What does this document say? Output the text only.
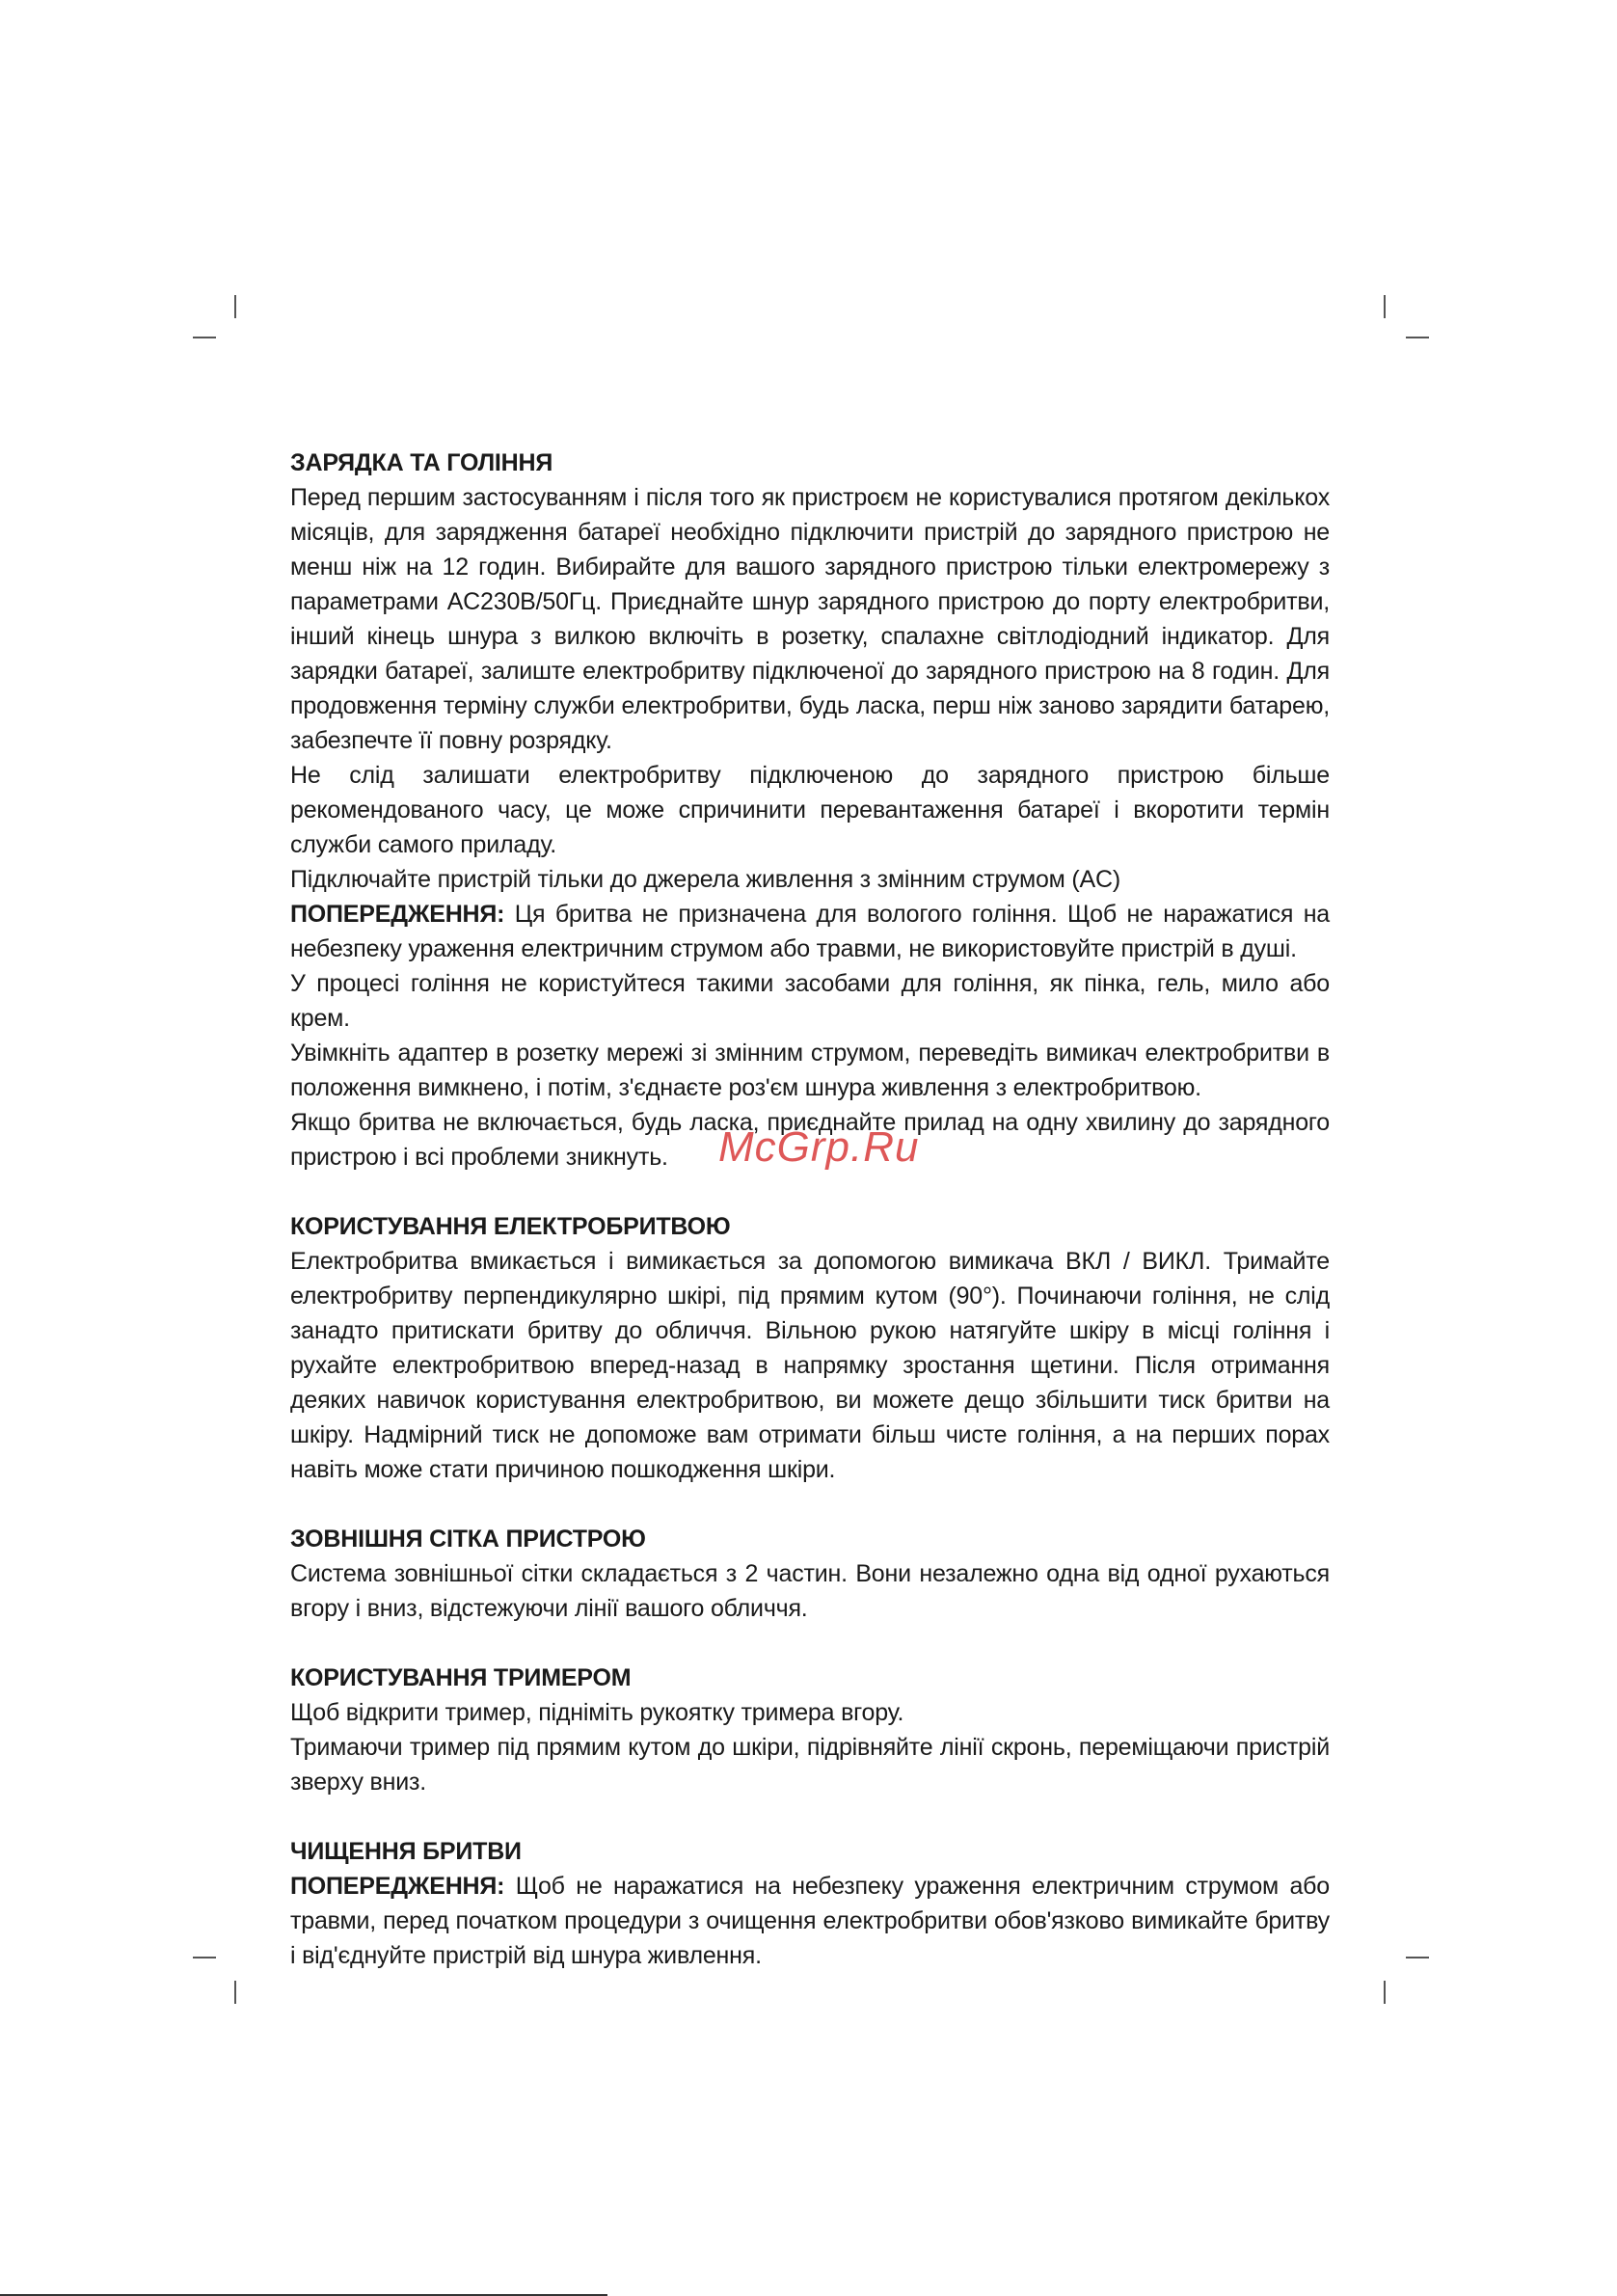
ЗАРЯДКА ТА ГОЛІННЯ

Перед першим застосуванням і після того як пристроєм не користувалися протягом декількох місяців, для зарядження батареї необхідно підключити пристрій до зарядного пристрою не менш ніж на 12 годин. Вибирайте для вашого зарядного пристрою тільки електромережу з параметрами AC230B/50Гц. Приєднайте шнур зарядного пристрою до порту електробритви, інший кінець шнура з вилкою включіть в розетку, спалахне світлодіодний індикатор. Для зарядки батареї, залиште електробритву підключеної до зарядного пристрою на 8 годин. Для продовження терміну служби електробритви, будь ласка, перш ніж заново зарядити батарею, забезпечте її повну розрядку.

Не слід залишати електробритву підключеною до зарядного пристрою більше рекомендованого часу, це може спричинити перевантаження батареї і вкоротити термін служби самого приладу.

Підключайте пристрій тільки до джерела живлення з змінним струмом (AC)

ПОПЕРЕДЖЕННЯ: Ця бритва не призначена для вологого гоління. Щоб не наражатися на небезпеку ураження електричним струмом або травми, не використовуйте пристрій в душі.

У процесі гоління не користуйтеся такими засобами для гоління, як пінка, гель, мило або крем.

Увімкніть адаптер в розетку мережі зі змінним струмом, переведіть вимикач електробритви в положення вимкнено, і потім, з'єднаєте роз'єм шнура живлення з електробритвою.

Якщо бритва не включається, будь ласка, приєднайте прилад на одну хвилину до зарядного пристрою і всі проблеми зникнуть.

КОРИСТУВАННЯ ЕЛЕКТРОБРИТВОЮ

Електробритва вмикається і вимикається за допомогою вимикача ВКЛ / ВИКЛ. Тримайте електробритву перпендикулярно шкірі, під прямим кутом (90°). Починаючи гоління, не слід занадто притискати бритву до обличчя. Вільною рукою натягуйте шкіру в місці гоління і рухайте електробритвою вперед-назад в напрямку зростання щетини. Після отримання деяких навичок користування електробритвою, ви можете дещо збільшити тиск бритви на шкіру. Надмірний тиск не допоможе вам отримати більш чисте гоління, а на перших порах навіть може стати причиною пошкодження шкіри.

ЗОВНІШНЯ СІТКА ПРИСТРОЮ

Система зовнішньої сітки складається з 2 частин. Вони незалежно одна від одної рухаються вгору і вниз, відстежуючи лінії вашого обличчя.

КОРИСТУВАННЯ ТРИМЕРОМ

Щоб відкрити тример, підніміть рукоятку тримера вгору.

Тримаючи тример під прямим кутом до шкіри, підрівняйте лінії скронь, переміщаючи пристрій зверху вниз.

ЧИЩЕННЯ БРИТВИ

ПОПЕРЕДЖЕННЯ: Щоб не наражатися на небезпеку ураження електричним струмом або травми, перед початком процедури з очищення електробритви обов'язково вимикайте бритву і від'єднуйте пристрій від шнура живлення.

McGrp.Ru
